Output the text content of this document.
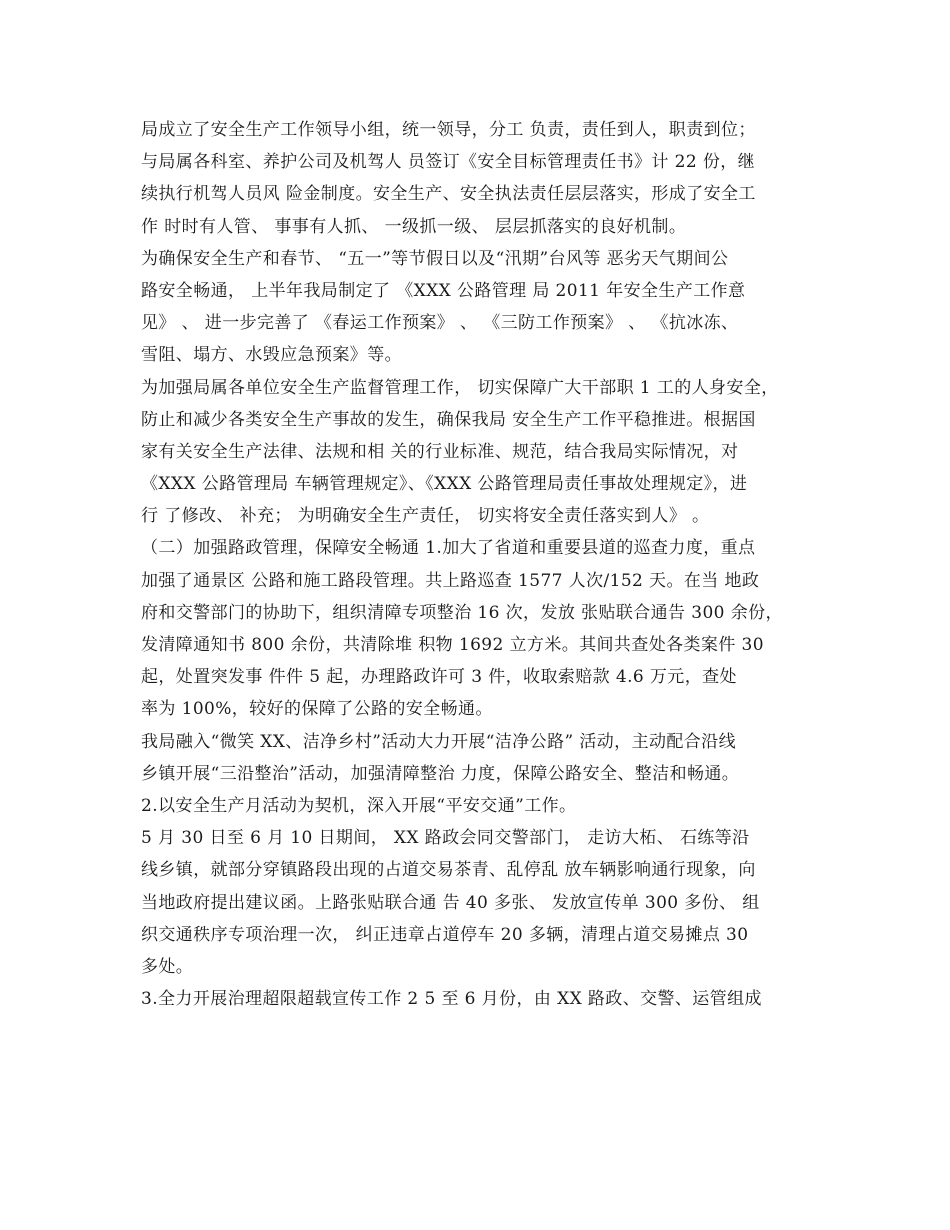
局成立了安全生产工作领导小组，统一领导，分工 负责，责任到人，职责到位；
与局属各科室、养护公司及机驾人 员签订《安全目标管理责任书》计 22 份，继
续执行机驾人员风 险金制度。安全生产、安全执法责任层层落实，形成了安全工
作 时时有人管、 事事有人抓、 一级抓一级、 层层抓落实的良好机制。
为确保安全生产和春节、 “五一”等节假日以及“汛期”台风等 恶劣天气期间公
路安全畅通， 上半年我局制定了 《XXX 公路管理 局 2011 年安全生产工作意
见》 、 进一步完善了 《春运工作预案》 、 《三防工作预案》 、 《抗冰冻、
雪阻、塌方、水毁应急预案》等。
为加强局属各单位安全生产监督管理工作， 切实保障广大干部职 1 工的人身安全，
防止和减少各类安全生产事故的发生，确保我局 安全生产工作平稳推进。根据国
家有关安全生产法律、法规和相 关的行业标准、规范，结合我局实际情况，对
《XXX 公路管理局 车辆管理规定》、《XXX 公路管理局责任事故处理规定》，进
行 了修改、 补充； 为明确安全生产责任， 切实将安全责任落实到人》 。
（二）加强路政管理，保障安全畅通 1.加大了省道和重要县道的巡查力度，重点
加强了通景区 公路和施工路段管理。共上路巡查 1577 人次/152 天。在当 地政
府和交警部门的协助下，组织清障专项整治 16 次，发放 张贴联合通告 300 余份，
发清障通知书 800 余份，共清除堆 积物 1692 立方米。其间共查处各类案件 30
起，处置突发事 件件 5 起，办理路政许可 3 件，收取索赔款 4.6 万元，查处
率为 100%，较好的保障了公路的安全畅通。
我局融入“微笑 XX、洁净乡村”活动大力开展“洁净公路” 活动，主动配合沿线
乡镇开展“三沿整治”活动，加强清障整治 力度，保障公路安全、整洁和畅通。
2.以安全生产月活动为契机，深入开展“平安交通”工作。
5 月 30 日至 6 月 10 日期间， XX 路政会同交警部门， 走访大柘、 石练等沿
线乡镇，就部分穿镇路段出现的占道交易茶青、乱停乱 放车辆影响通行现象，向
当地政府提出建议函。上路张贴联合通 告 40 多张、 发放宣传单 300 多份、 组
织交通秩序专项治理一次， 纠正违章占道停车 20 多辆，清理占道交易摊点 30
多处。
3.全力开展治理超限超载宣传工作 2 5 至 6 月份，由 XX 路政、交警、运管组成
